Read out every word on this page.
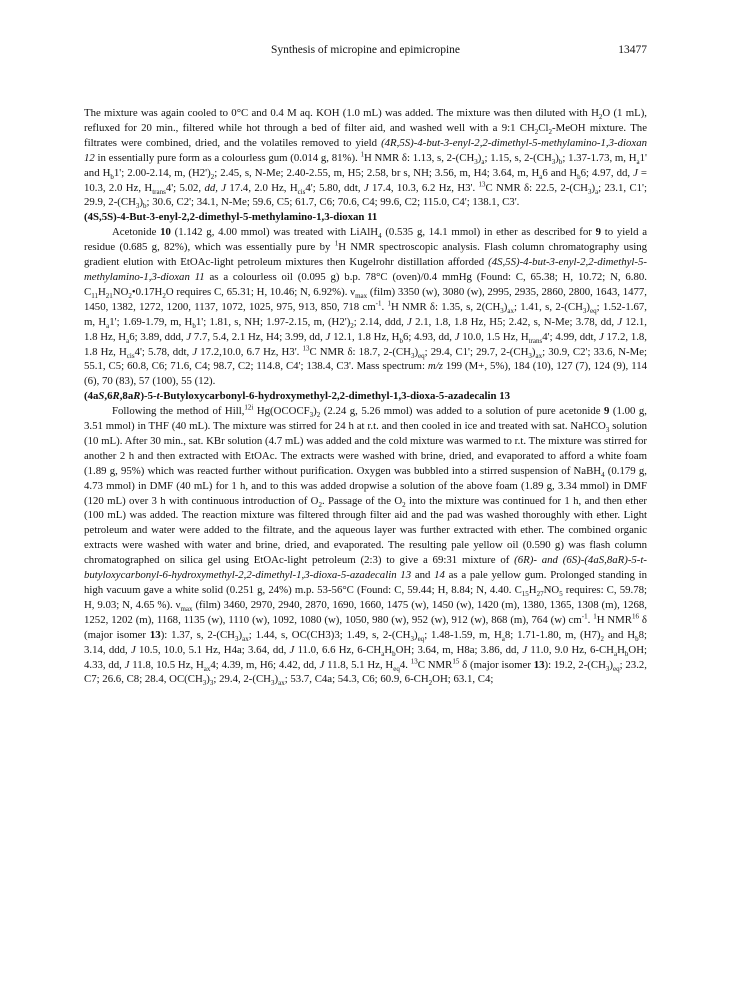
Synthesis of micropine and epimicropine	13477

The mixture was again cooled to 0°C and 0.4 M aq. KOH (1.0 mL) was added. The mixture was then diluted with $H_2O$ (1 mL), refluxed for 20 min., filtered while hot through a bed of filter aid, and washed well with a 9:1 $CH_2Cl_2$-MeOH mixture. The filtrates were combined, dried, and the volatiles removed to yield (4R,5S)-4-but-3-enyl-2,2-dimethyl-5-methylamino-1,3-dioxan 12 in essentially pure form as a colourless gum (0.014 g, 81%). $^1$H NMR δ: 1.13, s, $2-(CH_3)_a$; 1.15, s, $2-(CH_3)_b$; 1.37-1.73, m, $H_a1'$ and $H_b1'$; 2.00-2.14, m, $(H2')_2$; 2.45, s, N-Me; 2.40-2.55, m, H5; 2.58, br s, NH; 3.56, m, H4; 3.64, m, $H_a6$ and $H_b6$; 4.97, dd, J = 10.3, 2.0 Hz, $H_{trans}4'$; 5.02, dd, J 17.4, 2.0 Hz, $H_{cis}4'$; 5.80, ddt, J 17.4, 10.3, 6.2 Hz, H3'. $^{13}$C NMR δ: 22.5, $2-(CH_3)_a$; 23.1, C1'; 29.9, $2-(CH_3)_b$; 30.6, C2'; 34.1, N-Me; 59.6, C5; 61.7, C6; 70.6, C4; 99.6, C2; 115.0, C4'; 138.1, C3'.

(4S,5S)-4-But-3-enyl-2,2-dimethyl-5-methylamino-1,3-dioxan 11

Acetonide 10 (1.142 g, 4.00 mmol) was treated with LiAlH$_4$ (0.535 g, 14.1 mmol) in ether as described for 9 to yield a residue (0.685 g, 82%), which was essentially pure by $^1$H NMR spectroscopic analysis. Flash column chromatography using gradient elution with EtOAc-light petroleum mixtures then Kugelrohr distillation afforded (4S,5S)-4-but-3-enyl-2,2-dimethyl-5-methylamino-1,3-dioxan 11 as a colourless oil (0.095 g) b.p. 78°C (oven)/0.4 mmHg (Found: C, 65.38; H, 10.72; N, 6.80. $C_{11}H_{21}NO_2•0.17H_2O$ requires C, 65.31; H, 10.46; N, 6.92%). $\nu_{max}$ (film) 3350 (w), 3080 (w), 2995, 2935, 2860, 2800, 1643, 1477, 1450, 1382, 1272, 1200, 1137, 1072, 1025, 975, 913, 850, 718 $cm^{-1}$. $^1$H NMR δ: 1.35, s, $2(CH_3)_{ax}$; 1.41, s, $2-(CH_3)_{eq}$; 1.52-1.67, m, $H_a1'$; 1.69-1.79, m, $H_b1'$; 1.81, s, NH; 1.97-2.15, m, $(H2')_2$; 2.14, ddd, J 2.1, 1.8, 1.8 Hz, H5; 2.42, s, N-Me; 3.78, dd, J 12.1, 1.8 Hz, $H_a6$; 3.89, ddd, J 7.7, 5.4, 2.1 Hz, H4; 3.99, dd, J 12.1, 1.8 Hz, $H_b6$; 4.93, dd, J 10.0, 1.5 Hz, $H_{trans}4'$; 4.99, ddt, J 17.2, 1.8, 1.8 Hz, $H_{cis}4'$; 5.78, ddt, J 17.2,10.0, 6.7 Hz, H3'. $^{13}$C NMR δ: 18.7, $2-(CH_3)_{eq}$; 29.4, C1'; 29.7, $2-(CH_3)_{ax}$; 30.9, C2'; 33.6, N-Me; 55.1, C5; 60.8, C6; 71.6, C4; 98.7, C2; 114.8, C4'; 138.4, C3'. Mass spectrum: m/z 199 (M+, 5%), 184 (10), 127 (7), 124 (9), 114 (6), 70 (83), 57 (100), 55 (12).

(4aS,6R,8aR)-5-t-Butyloxycarbonyl-6-hydroxymethyl-2,2-dimethyl-1,3-dioxa-5-azadecalin 13

Following the method of Hill,$^{12i}$ $Hg(OCOCF_3)_2$ (2.24 g, 5.26 mmol) was added to a solution of pure acetonide 9 (1.00 g, 3.51 mmol) in THF (40 mL). The mixture was stirred for 24 h at r.t. and then cooled in ice and treated with sat. NaHCO$_3$ solution (10 mL). After 30 min., sat. KBr solution (4.7 mL) was added and the cold mixture was warmed to r.t. The mixture was stirred for another 2 h and then extracted with EtOAc. The extracts were washed with brine, dried, and evaporated to afford a white foam (1.89 g, 95%) which was reacted further without purification. Oxygen was bubbled into a stirred suspension of NaBH$_4$ (0.179 g, 4.73 mmol) in DMF (40 mL) for 1 h, and to this was added dropwise a solution of the above foam (1.89 g, 3.34 mmol) in DMF (120 mL) over 3 h with continuous introduction of $O_2$. Passage of the $O_2$ into the mixture was continued for 1 h, and then ether (100 mL) was added. The reaction mixture was filtered through filter aid and the pad was washed thoroughly with ether. Light petroleum and water were added to the filtrate, and the aqueous layer was further extracted with ether. The combined organic extracts were washed with water and brine, dried, and evaporated. The resulting pale yellow oil (0.590 g) was flash column chromatographed on silica gel using EtOAc-light petroleum (2:3) to give a 69:31 mixture of (6R)- and (6S)-(4aS,8aR)-5-t-butyloxycarbonyl-6-hydroxymethyl-2,2-dimethyl-1,3-dioxa-5-azadecalin 13 and 14 as a pale yellow gum. Prolonged standing in high vacuum gave a white solid (0.251 g, 24%) m.p. 53-56°C (Found: C, 59.44; H, 8.84; N, 4.40. $C_{15}H_{27}NO_5$ requires: C, 59.78; H, 9.03; N, 4.65 %). $\nu_{max}$ (film) 3460, 2970, 2940, 2870, 1690, 1660, 1475 (w), 1450 (w), 1420 (m), 1380, 1365, 1308 (m), 1268, 1252, 1202 (m), 1168, 1135 (w), 1110 (w), 1092, 1080 (w), 1050, 980 (w), 952 (w), 912 (w), 868 (m), 764 (w) $cm^{-1}$. $^1$H NMR$^{16}$ δ (major isomer 13): 1.37, s, $2-(CH_3)_{ax}$; 1.44, s, OC(CH3)3; 1.49, s, $2-(CH_3)_{eq}$; 1.48-1.59, m, $H_a8$; 1.71-1.80, m, $(H7)_2$ and $H_b8$; 3.14, ddd, J 10.5, 10.0, 5.1 Hz, H4a; 3.64, dd, J 11.0, 6.6 Hz, $6-CH_aH_bOH$; 3.64, m, H8a; 3.86, dd, J 11.0, 9.0 Hz, $6-CH_aH_bOH$; 4.33, dd, J 11.8, 10.5 Hz, $H_{ax}4$; 4.39, m, H6; 4.42, dd, J 11.8, 5.1 Hz, $H_{eq}4$. $^{13}$C NMR$^{15}$ δ (major isomer 13): 19.2, $2-(CH_3)_{eq}$; 23.2, C7; 26.6, C8; 28.4, $OC(CH_3)_3$; 29.4, $2-(CH_3)_{ax}$; 53.7, C4a; 54.3, C6; 60.9, $6-CH_2OH$; 63.1, C4;
